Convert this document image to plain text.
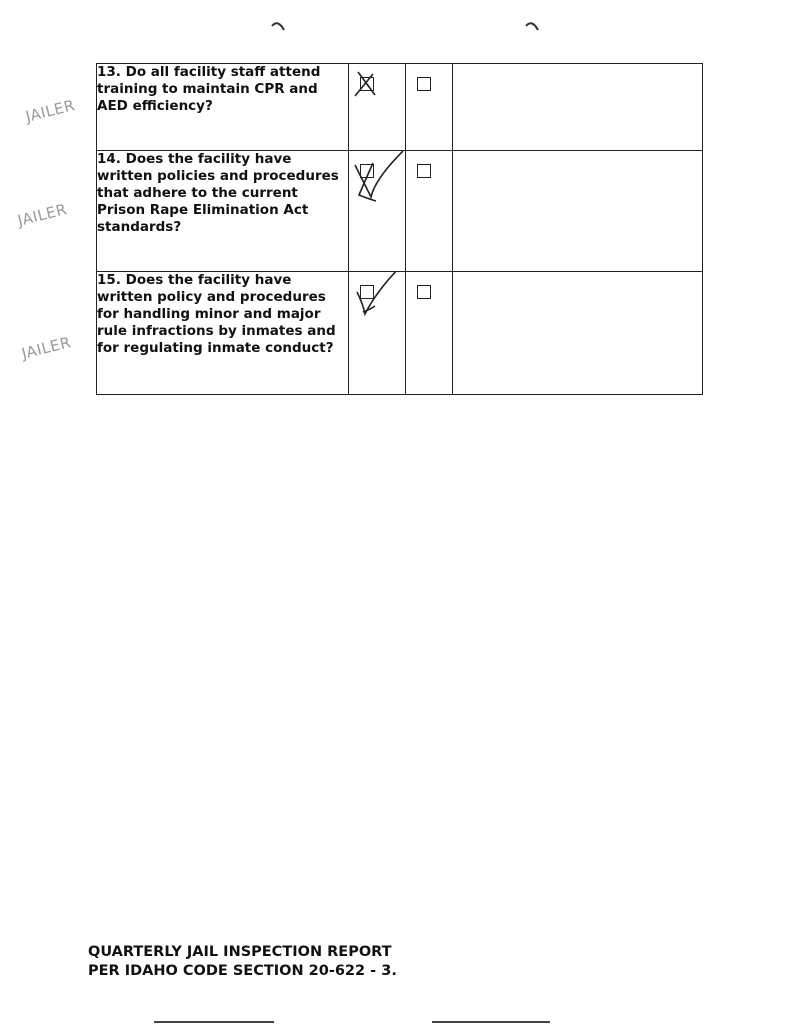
JAILER
JAILER
JAILER
13. Do all facility staff attend training to maintain CPR and AED efficiency?	

14. Does the facility have written policies and procedures that adhere to the current Prison Rape Elimination Act standards?	

15. Does the facility have written policy and procedures for handling minor and major rule infractions by inmates and for regulating inmate conduct?	

QUARTERLY JAIL INSPECTION REPORT
PER IDAHO CODE SECTION 20-622 - 3.
